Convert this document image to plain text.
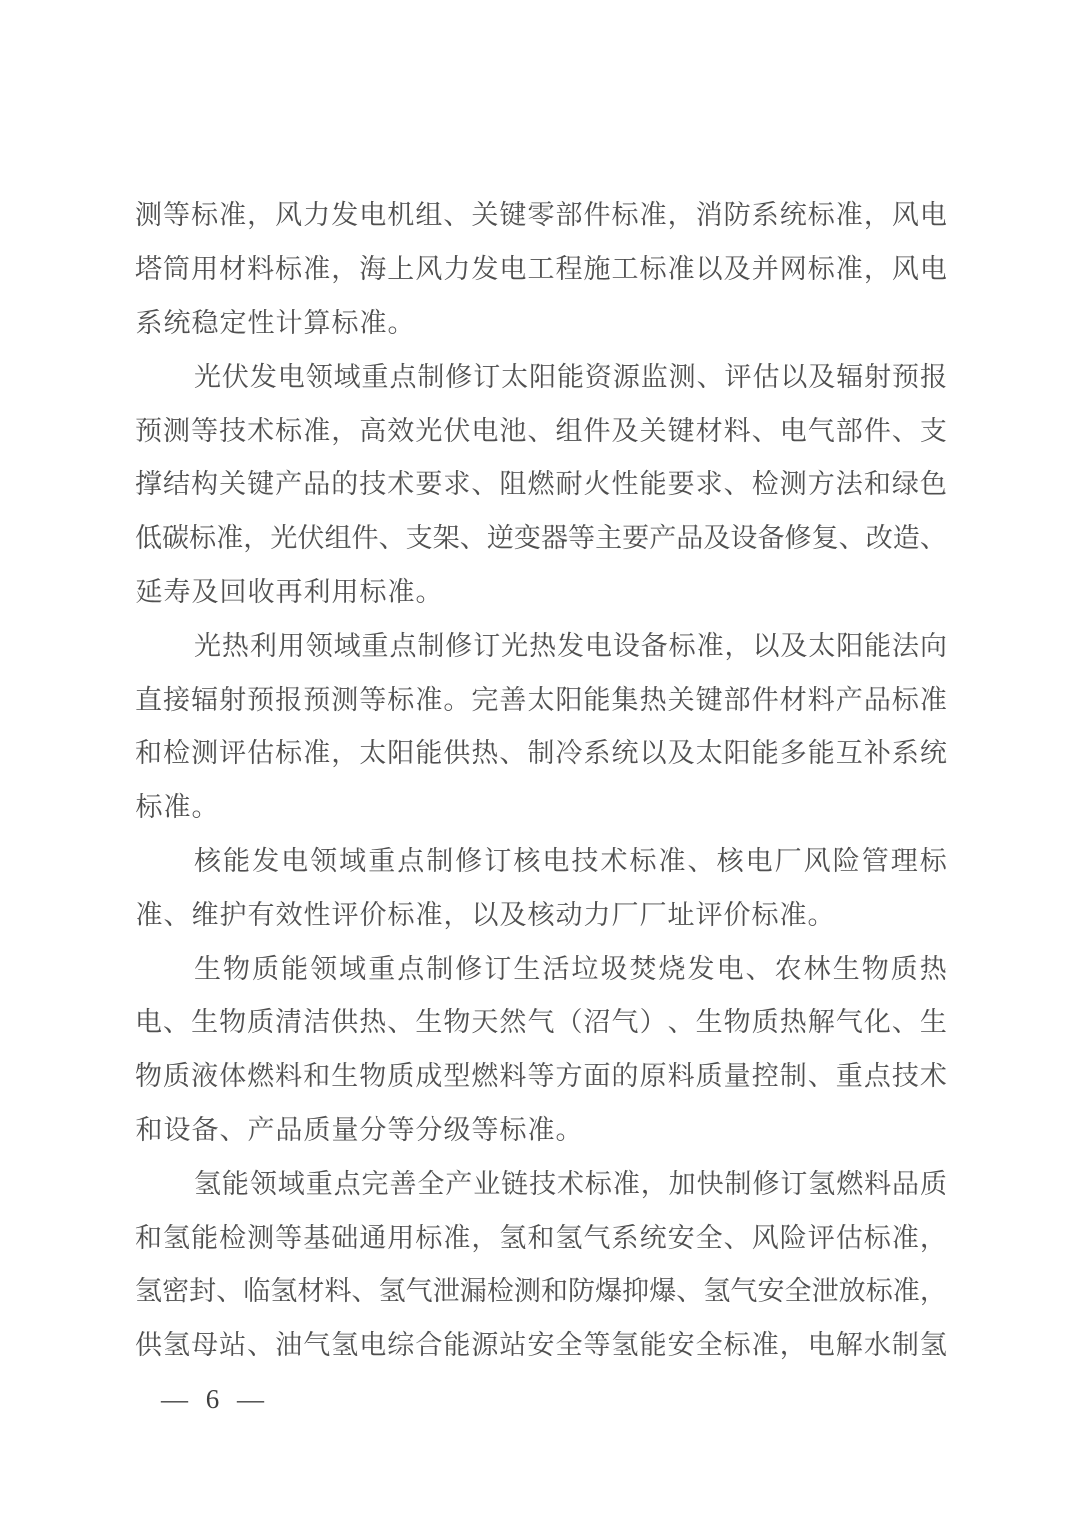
测 等 标 准 ， 风 力 发 电 机 组 、 关 键 零 部 件 标 准 ， 消 防 系 统 标 准 ， 风 电
塔 筒 用 材 料 标 准 ， 海 上 风 力 发 电 工 程 施 工 标 准 以 及 并 网 标 准 ， 风 电
系 统 稳 定 性 计 算 标 准 。
光 伏 发 电 领 域 重 点 制 修 订 太 阳 能 资 源 监 测 、 评 估 以 及 辐 射 预 报
预 测 等 技 术 标 准 ， 高 效 光 伏 电 池 、 组 件 及 关 键 材 料 、 电 气 部 件 、 支
撑 结 构 关 键 产 品 的 技 术 要 求 、 阻 燃 耐 火 性 能 要 求 、 检 测 方 法 和 绿 色
低 碳 标 准 ， 光 伏 组 件 、 支 架 、 逆 变 器 等 主 要 产 品 及 设 备 修 复 、 改 造 、
延 寿 及 回 收 再 利 用 标 准 。
光 热 利 用 领 域 重 点 制 修 订 光 热 发 电 设 备 标 准 ， 以 及 太 阳 能 法 向
直 接 辐 射 预 报 预 测 等 标 准 。 完 善 太 阳 能 集 热 关 键 部 件 材 料 产 品 标 准
和 检 测 评 估 标 准 ， 太 阳 能 供 热 、 制 冷 系 统 以 及 太 阳 能 多 能 互 补 系 统
标 准 。
核 能 发 电 领 域 重 点 制 修 订 核 电 技 术 标 准 、 核 电 厂 风 险 管 理 标
准 、 维 护 有 效 性 评 价 标 准 ， 以 及 核 动 力 厂 厂 址 评 价 标 准 。
生 物 质 能 领 域 重 点 制 修 订 生 活 垃 圾 焚 烧 发 电 、 农 林 生 物 质 热
电 、 生 物 质 清 洁 供 热 、 生 物 天 然 气 （ 沼 气 ） 、 生 物 质 热 解 气 化 、 生
物 质 液 体 燃 料 和 生 物 质 成 型 燃 料 等 方 面 的 原 料 质 量 控 制 、 重 点 技 术
和 设 备 、 产 品 质 量 分 等 分 级 等 标 准 。
氢 能 领 域 重 点 完 善 全 产 业 链 技 术 标 准 ， 加 快 制 修 订 氢 燃 料 品 质
和 氢 能 检 测 等 基 础 通 用 标 准 ， 氢 和 氢 气 系 统 安 全 、 风 险 评 估 标 准 ，
氢 密 封 、 临 氢 材 料 、 氢 气 泄 漏 检 测 和 防 爆 抑 爆 、 氢 气 安 全 泄 放 标 准 ，
供 氢 母 站 、 油 气 氢 电 综 合 能 源 站 安 全 等 氢 能 安 全 标 准 ， 电 解 水 制 氢
— 6 —
